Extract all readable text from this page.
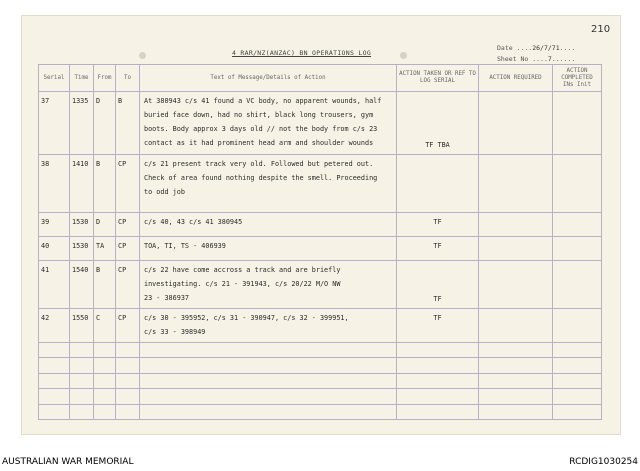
210
4 RAR/NZ(ANZAC) BN OPERATIONS LOG
Date ....26/7/71....
Sheet No ....7......
Serial	Time	From	To	Text of Message/Details of Action	ACTION TAKEN OR REF TO LOG SERIAL	ACTION REQUIRED	ACTION COMPLETED INs Init
37	1335	D	B	At 380943 c/s 41 found a VC body, no apparent wounds, half
buried face down, had no shirt, black long trousers, gym
boots. Body approx 3 days old // not the body from c/s 23
contact as it had prominent head arm and shoulder wounds	TF TBA		
38	1410	B	CP	c/s 21 present track very old. Followed but petered out.
Check of area found nothing despite the smell. Proceeding
to odd job			

39	1530	D	CP	c/s 40, 43 c/s 41 380945	TF		
40	1530	TA	CP	TOA, TI, TS - 406939	TF		
41	1540	B	CP	c/s 22 have come accross a track and are briefly
investigating. c/s 21 - 391943, c/s 20/22 M/O NW
23 - 386937	TF		
42	1550	C	CP	c/s 30 - 395952, c/s 31 - 390947, c/s 32 - 399951,
c/s 33 - 398949	TF		

AUSTRALIAN WAR MEMORIAL	RCDIG1030254
